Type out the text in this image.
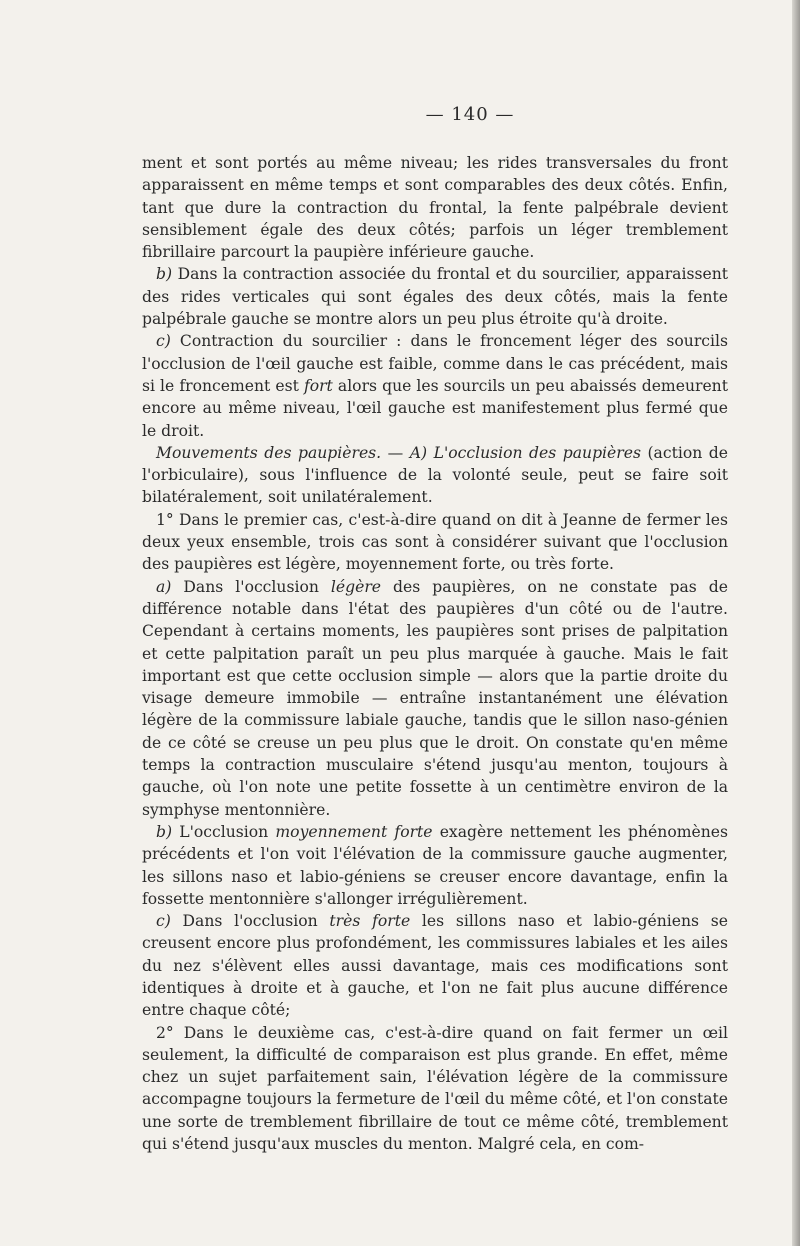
— 140 —

ment et sont portés au même niveau; les rides transversales du front apparaissent en même temps et sont comparables des deux côtés. Enfin, tant que dure la contraction du frontal, la fente palpébrale devient sensiblement égale des deux côtés; parfois un léger tremblement fibrillaire parcourt la paupière inférieure gauche.

b) Dans la contraction associée du frontal et du sourcilier, apparaissent des rides verticales qui sont égales des deux côtés, mais la fente palpébrale gauche se montre alors un peu plus étroite qu'à droite.

c) Contraction du sourcilier : dans le froncement léger des sourcils l'occlusion de l'œil gauche est faible, comme dans le cas précédent, mais si le froncement est fort alors que les sourcils un peu abaissés demeurent encore au même niveau, l'œil gauche est manifestement plus fermé que le droit.

Mouvements des paupières. — A) L'occlusion des paupières (action de l'orbiculaire), sous l'influence de la volonté seule, peut se faire soit bilatéralement, soit unilatéralement.

1° Dans le premier cas, c'est-à-dire quand on dit à Jeanne de fermer les deux yeux ensemble, trois cas sont à considérer suivant que l'occlusion des paupières est légère, moyennement forte, ou très forte.

a) Dans l'occlusion légère des paupières, on ne constate pas de différence notable dans l'état des paupières d'un côté ou de l'autre. Cependant à certains moments, les paupières sont prises de palpitation et cette palpitation paraît un peu plus marquée à gauche. Mais le fait important est que cette occlusion simple — alors que la partie droite du visage demeure immobile — entraîne instantanément une élévation légère de la commissure labiale gauche, tandis que le sillon naso-génien de ce côté se creuse un peu plus que le droit. On constate qu'en même temps la contraction musculaire s'étend jusqu'au menton, toujours à gauche, où l'on note une petite fossette à un centimètre environ de la symphyse mentonnière.

b) L'occlusion moyennement forte exagère nettement les phénomènes précédents et l'on voit l'élévation de la commissure gauche augmenter, les sillons naso et labio-géniens se creuser encore davantage, enfin la fossette mentonnière s'allonger irrégulièrement.

c) Dans l'occlusion très forte les sillons naso et labio-géniens se creusent encore plus profondément, les commissures labiales et les ailes du nez s'élèvent elles aussi davantage, mais ces modifications sont identiques à droite et à gauche, et l'on ne fait plus aucune différence entre chaque côté;

2° Dans le deuxième cas, c'est-à-dire quand on fait fermer un œil seulement, la difficulté de comparaison est plus grande. En effet, même chez un sujet parfaitement sain, l'élévation légère de la commissure accompagne toujours la fermeture de l'œil du même côté, et l'on constate une sorte de tremblement fibrillaire de tout ce même côté, tremblement qui s'étend jusqu'aux muscles du menton. Malgré cela, en com-
